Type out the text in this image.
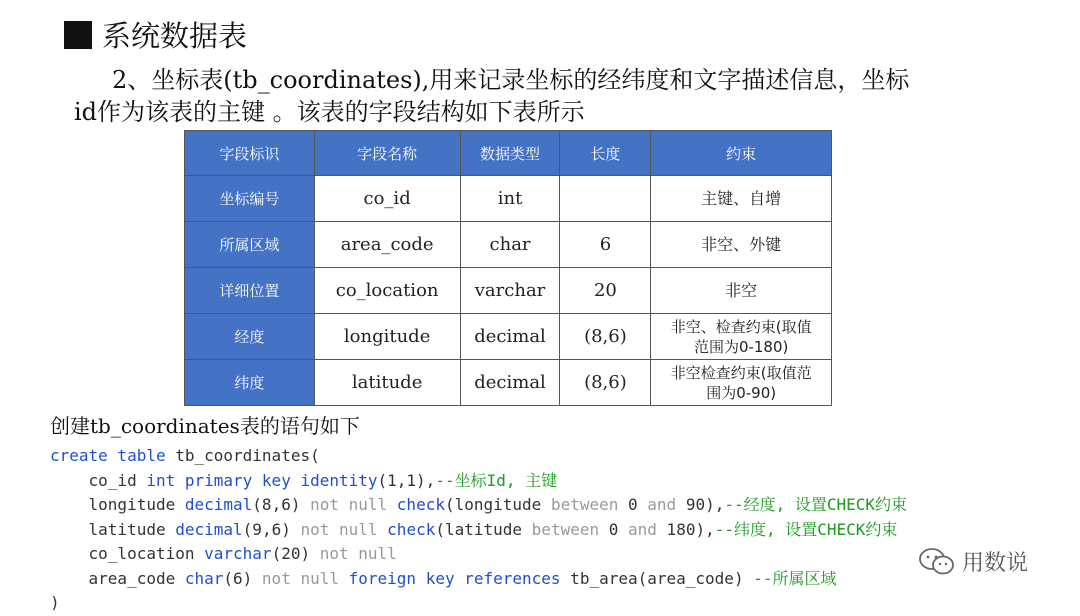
系统数据表
2、坐标表(tb_coordinates),用来记录坐标的经纬度和文字描述信息，坐标
id作为该表的主键 。该表的字段结构如下表所示
字段标识	字段名称	数据类型	长度	约束
坐标编号	co_id	int		主键、自增

所属区域	area_code	char	6	非空、外键

详细位置	co_location	varchar	20	非空

经度	longitude	decimal	(8,6)	非空、检查约束(取值
范围为0-180)

纬度	latitude	decimal	(8,6)	非空检查约束(取值范
围为0-90)
创建tb_coordinates表的语句如下
create table tb_coordinates(
co_id int primary key identity(1,1),--坐标Id, 主键
longitude decimal(8,6) not null check(longitude between 0 and 90),--经度, 设置CHECK约束
latitude decimal(9,6) not null check(latitude between 0 and 180),--纬度, 设置CHECK约束
co_location varchar(20) not null
area_code char(6) not null foreign key references tb_area(area_code) --所属区域
)
用数说
